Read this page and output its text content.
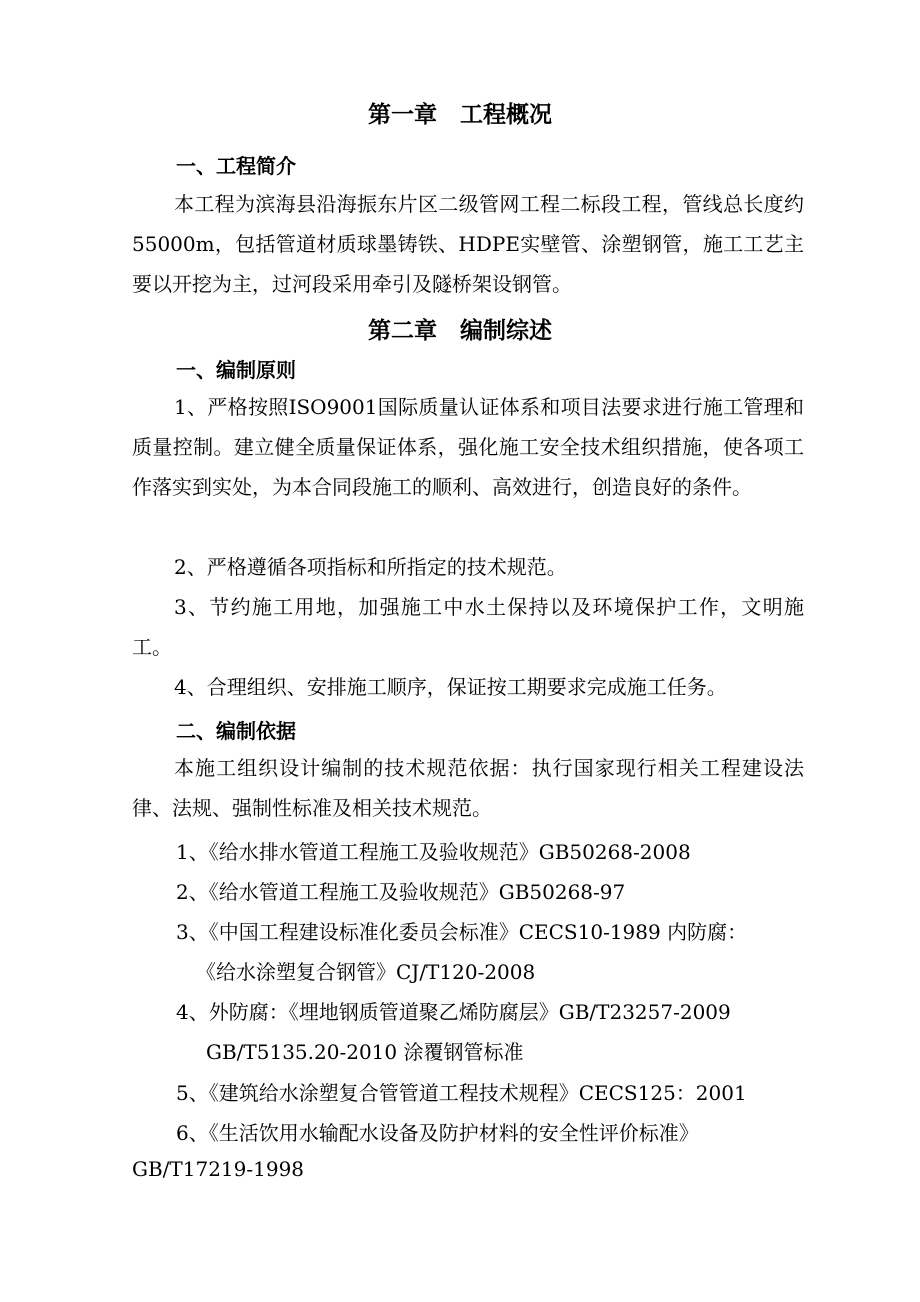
第一章　工程概况
一、工程简介

本工程为滨海县沿海振东片区二级管网工程二标段工程，管线总长度约55000m，包括管道材质球墨铸铁、HDPE实壁管、涂塑钢管，施工工艺主要以开挖为主，过河段采用牵引及隧桥架设钢管。

第二章　编制综述
一、编制原则

1、严格按照ISO9001国际质量认证体系和项目法要求进行施工管理和质量控制。建立健全质量保证体系，强化施工安全技术组织措施，使各项工作落实到实处，为本合同段施工的顺利、高效进行，创造良好的条件。

2、严格遵循各项指标和所指定的技术规范。

3、节约施工用地，加强施工中水土保持以及环境保护工作，文明施工。

4、合理组织、安排施工顺序，保证按工期要求完成施工任务。

二、编制依据

本施工组织设计编制的技术规范依据：执行国家现行相关工程建设法律、法规、强制性标准及相关技术规范。

1、《给水排水管道工程施工及验收规范》GB50268-2008
2、《给水管道工程施工及验收规范》GB50268-97
3、《中国工程建设标准化委员会标准》CECS10-1989 内防腐：
《给水涂塑复合钢管》CJ/T120-2008
4、外防腐：《埋地钢质管道聚乙烯防腐层》GB/T23257-2009
GB/T5135.20-2010 涂覆钢管标准
5、《建筑给水涂塑复合管管道工程技术规程》CECS125：2001
6、《生活饮用水输配水设备及防护材料的安全性评价标准》
GB/T17219-1998
